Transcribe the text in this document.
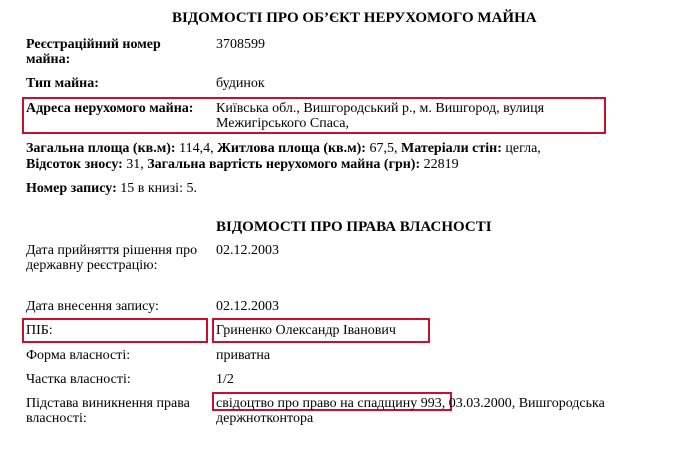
ВІДОМОСТІ ПРО ОБ’ЄКТ НЕРУХОМОГО МАЙНА
Реєстраційний номер майна:
3708599
Тип майна:	будинок
Адреса нерухомого майна: Київська обл., Вишгородський р., м. Вишгород, вулиця Межигірського Спаса,
Загальна площа (кв.м): 114,4, Житлова площа (кв.м): 67,5, Матеріали стін: цегла,
Відсоток зносу: 31, Загальна вартість нерухомого майна (грн): 22819
Номер запису: 15 в книзі: 5.
ВІДОМОСТІ ПРО ПРАВА ВЛАСНОСТІ
Дата прийняття рішення про державну реєстрацію:
02.12.2003
Дата внесення запису:	02.12.2003
ПІБ:	Гриненко Олександр Іванович
Форма власності:	приватна
Частка власності:	1/2
Підстава виникнення права власності:
свідоцтво про право на спадщину 993, 03.03.2000, Вишгородська
держнотконтора
